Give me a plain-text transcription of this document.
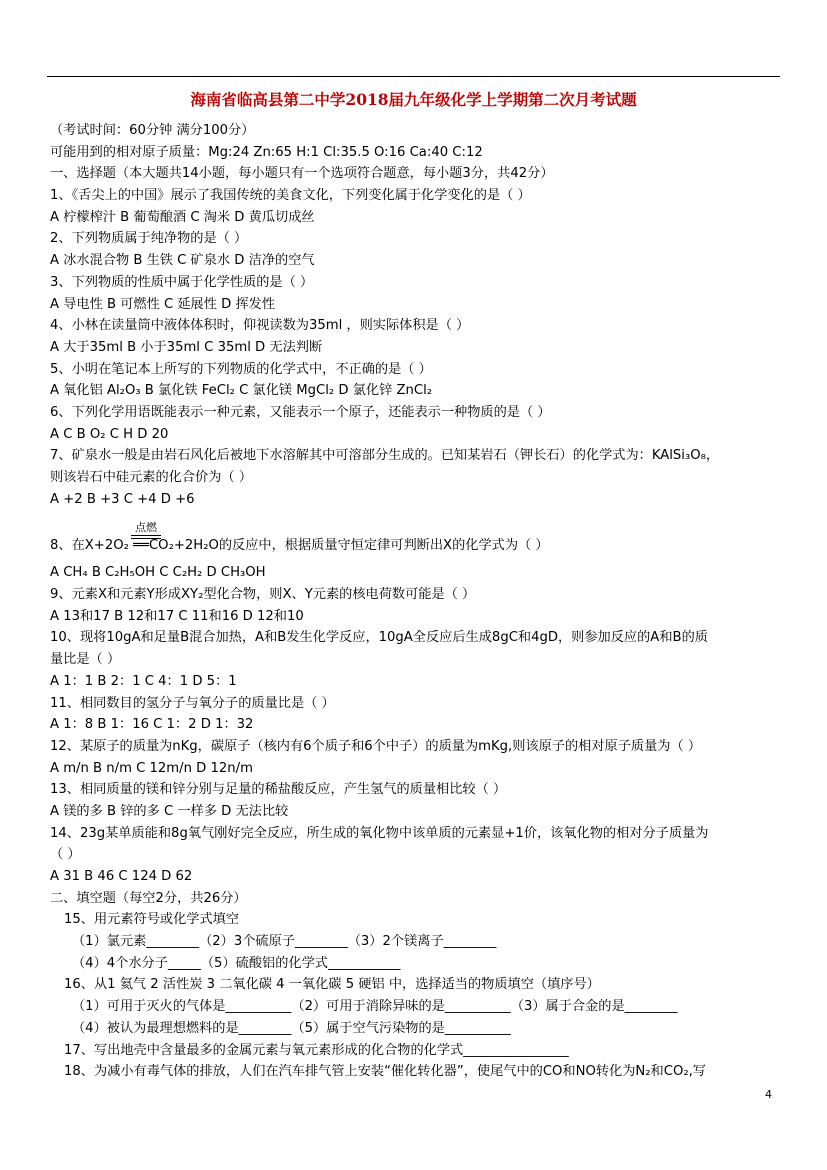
海南省临高县第二中学2018届九年级化学上学期第二次月考试题
（考试时间：60分钟 满分100分）
可能用到的相对原子质量：Mg:24 Zn:65 H:1 Cl:35.5 O:16 Ca:40 C:12
一、选择题（本大题共14小题，每小题只有一个选项符合题意，每小题3分，共42分）
1、《舌尖上的中国》展示了我国传统的美食文化，下列变化属于化学变化的是（ ）
A 柠檬榨汁 B 葡萄酿酒 C 淘米 D 黄瓜切成丝
2、下列物质属于纯净物的是（ ）
A 冰水混合物 B 生铁 C 矿泉水 D 洁净的空气
3、下列物质的性质中属于化学性质的是（ ）
A 导电性 B 可燃性 C 延展性 D 挥发性
4、小林在读量筒中液体体积时，仰视读数为35ml ，则实际体积是（ ）
A 大于35ml B 小于35ml C 35ml D 无法判断
5、小明在笔记本上所写的下列物质的化学式中，不正确的是（ ）
A 氧化铝 Al₂O₃ B 氯化铁 FeCl₂ C 氯化镁 MgCl₂ D 氯化锌 ZnCl₂
6、下列化学用语既能表示一种元素，又能表示一个原子，还能表示一种物质的是（ ）
A C B O₂ C H D 20
7、矿泉水一般是由岩石风化后被地下水溶解其中可溶部分生成的。已知某岩石（钾长石）的化学式为：KAlSi₃O₈，
则该岩石中硅元素的化合价为（ ）
A +2 B +3 C +4 D +6
点燃
8、在X+2O₂ ══CO₂+2H₂O的反应中，根据质量守恒定律可判断出X的化学式为（ ）
A CH₄ B C₂H₅OH C C₂H₂ D CH₃OH
9、元素X和元素Y形成XY₂型化合物，则X、Y元素的核电荷数可能是（ ）
A 13和17 B 12和17 C 11和16 D 12和10
10、现将10gA和足量B混合加热，A和B发生化学反应，10gA全反应后生成8gC和4gD，则参加反应的A和B的质
量比是（ ）
A 1：1 B 2：1 C 4：1 D 5：1
11、相同数目的氢分子与氧分子的质量比是（ ）
A 1：8 B 1：16 C 1：2 D 1：32
12、某原子的质量为nKg，碳原子（核内有6个质子和6个中子）的质量为mKg,则该原子的相对原子质量为（ ）
A m/n B n/m C 12m/n D 12n/m
13、相同质量的镁和锌分别与足量的稀盐酸反应，产生氢气的质量相比较（ ）
A 镁的多 B 锌的多 C 一样多 D 无法比较
14、23g某单质能和8g氧气刚好完全反应，所生成的氧化物中该单质的元素显+1价，该氧化物的相对分子质量为
（ ）
A 31 B 46 C 124 D 62
二、填空题（每空2分，共26分）
15、用元素符号或化学式填空
（1）氯元素________（2）3个硫原子________（3）2个镁离子________
（4）4个水分子_____（5）硫酸铝的化学式___________
16、从1 氦气 2 活性炭 3 二氧化碳 4 一氧化碳 5 硬铝 中，选择适当的物质填空（填序号）
（1）可用于灭火的气体是__________（2）可用于消除异味的是__________（3）属于合金的是________
（4）被认为最理想燃料的是________（5）属于空气污染物的是__________
17、写出地壳中含量最多的金属元素与氧元素形成的化合物的化学式________________
18、为减小有毒气体的排放，人们在汽车排气管上安装“催化转化器”，使尾气中的CO和NO转化为N₂和CO₂,写
4
